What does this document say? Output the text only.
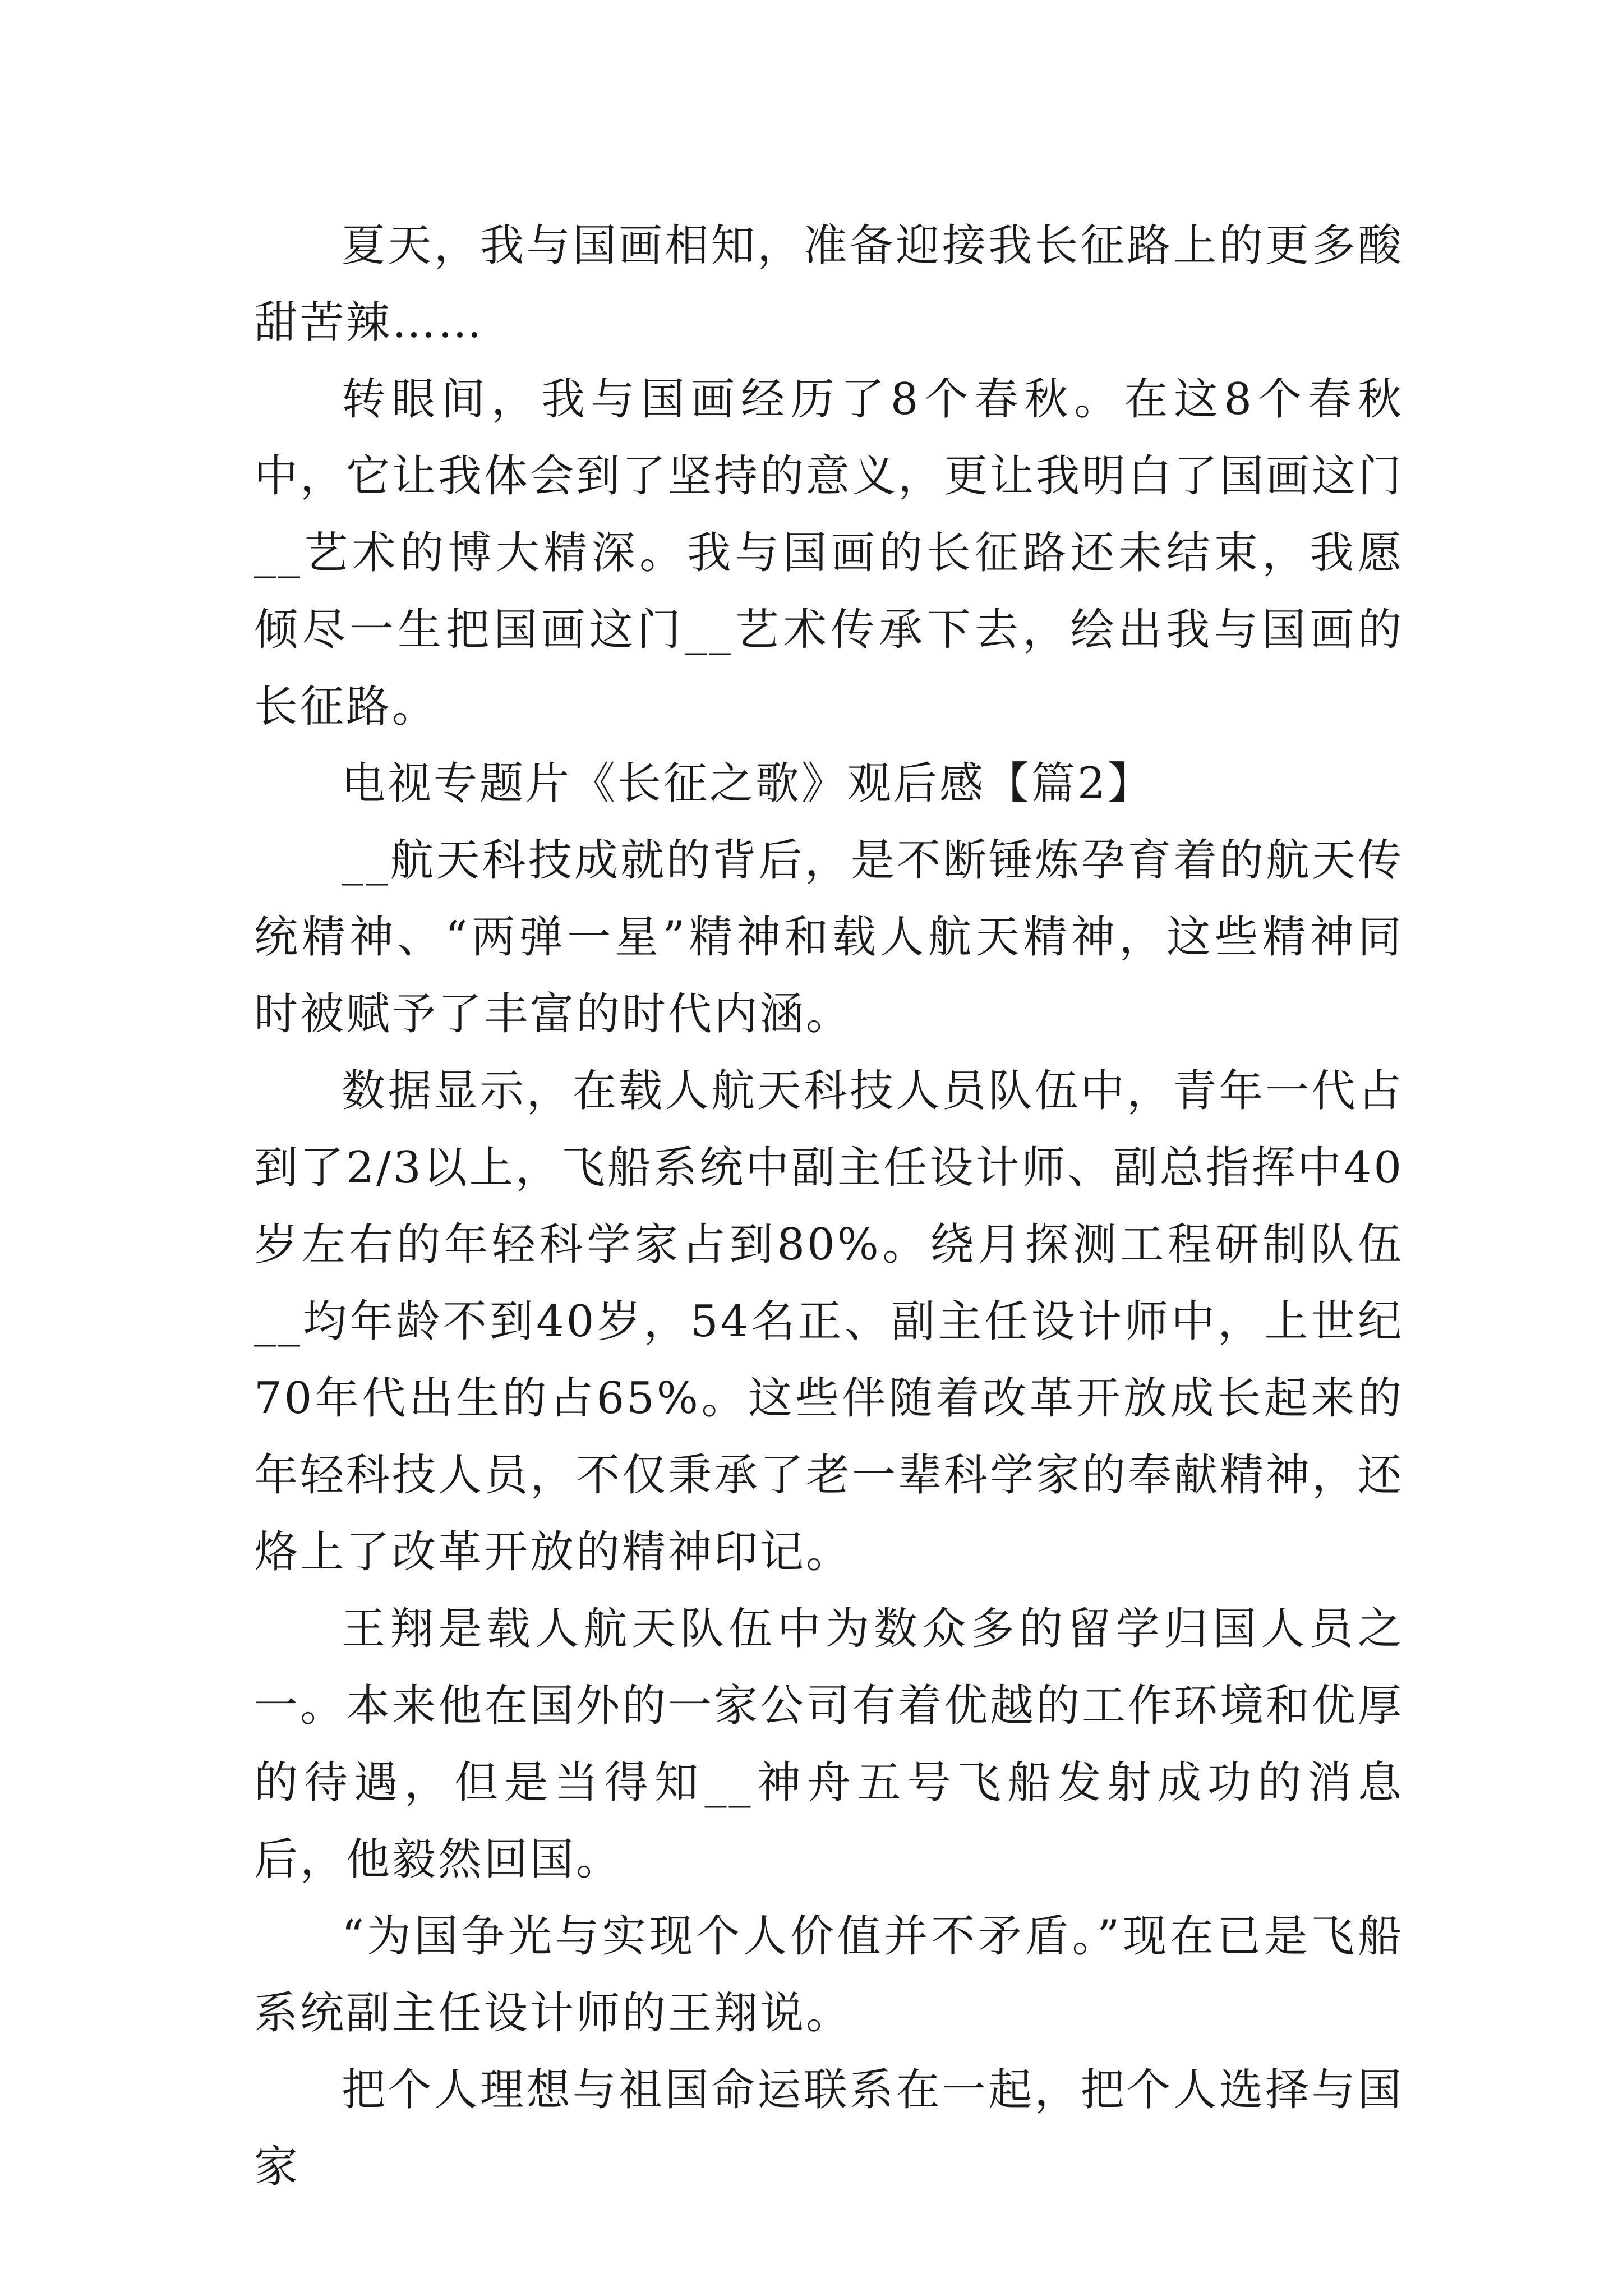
夏天，我与国画相知，准备迎接我长征路上的更多酸甜苦辣……

转眼间，我与国画经历了8个春秋。在这8个春秋中，它让我体会到了坚持的意义，更让我明白了国画这门__艺术的博大精深。我与国画的长征路还未结束，我愿倾尽一生把国画这门__艺术传承下去，绘出我与国画的长征路。

电视专题片《长征之歌》观后感【篇2】

__航天科技成就的背后，是不断锤炼孕育着的航天传统精神、“两弹一星”精神和载人航天精神，这些精神同时被赋予了丰富的时代内涵。

数据显示，在载人航天科技人员队伍中，青年一代占到了2/3以上，飞船系统中副主任设计师、副总指挥中40岁左右的年轻科学家占到80%。绕月探测工程研制队伍__均年龄不到40岁，54名正、副主任设计师中，上世纪70年代出生的占65%。这些伴随着改革开放成长起来的年轻科技人员，不仅秉承了老一辈科学家的奉献精神，还烙上了改革开放的精神印记。

王翔是载人航天队伍中为数众多的留学归国人员之一。本来他在国外的一家公司有着优越的工作环境和优厚的待遇，但是当得知__神舟五号飞船发射成功的消息后，他毅然回国。

“为国争光与实现个人价值并不矛盾。”现在已是飞船系统副主任设计师的王翔说。

把个人理想与祖国命运联系在一起，把个人选择与国家
